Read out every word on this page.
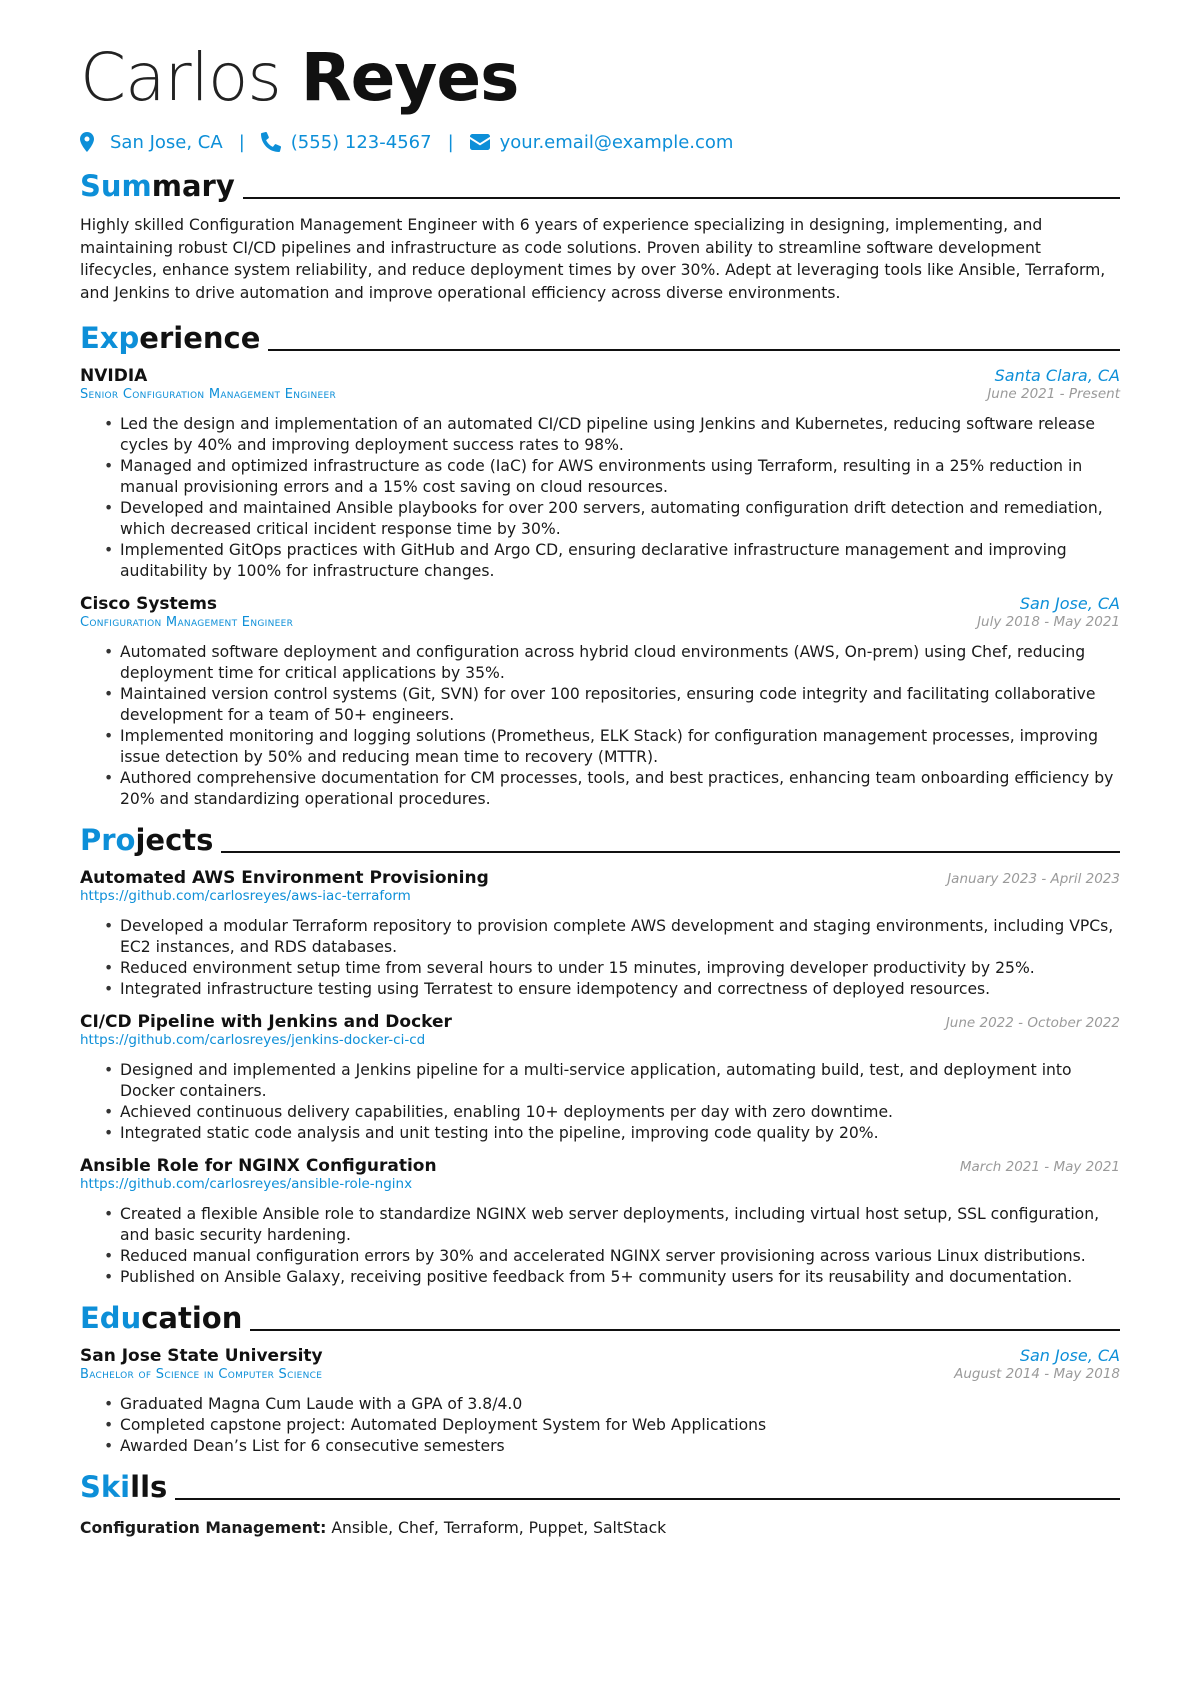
Carlos Reyes
San Jose, CA |	(555) 123-4567 |	your.email@example.com
Summary

Highly skilled Configuration Management Engineer with 6 years of experience specializing in designing, implementing, and maintaining robust CI/CD pipelines and infrastructure as code solutions. Proven ability to streamline software development lifecycles, enhance system reliability, and reduce deployment times by over 30%. Adept at leveraging tools like Ansible, Terraform, and Jenkins to drive automation and improve operational efficiency across diverse environments.

Experience
NVIDIA	Santa Clara, CA
Senior Configuration Management Engineer	June 2021 - Present
• Led the design and implementation of an automated CI/CD pipeline using Jenkins and Kubernetes, reducing software release cycles by 40% and improving deployment success rates to 98%.
• Managed and optimized infrastructure as code (IaC) for AWS environments using Terraform, resulting in a 25% reduction in manual provisioning errors and a 15% cost saving on cloud resources.
• Developed and maintained Ansible playbooks for over 200 servers, automating configuration drift detection and remediation, which decreased critical incident response time by 30%.
• Implemented GitOps practices with GitHub and Argo CD, ensuring declarative infrastructure management and improving auditability by 100% for infrastructure changes.
Cisco Systems	San Jose, CA
Configuration Management Engineer	July 2018 - May 2021
• Automated software deployment and configuration across hybrid cloud environments (AWS, On-prem) using Chef, reducing deployment time for critical applications by 35%.
• Maintained version control systems (Git, SVN) for over 100 repositories, ensuring code integrity and facilitating collaborative development for a team of 50+ engineers.
• Implemented monitoring and logging solutions (Prometheus, ELK Stack) for configuration management processes, improving issue detection by 50% and reducing mean time to recovery (MTTR).
• Authored comprehensive documentation for CM processes, tools, and best practices, enhancing team onboarding efficiency by 20% and standardizing operational procedures.
Projects
Automated AWS Environment Provisioning	January 2023 - April 2023
https://github.com/carlosreyes/aws-iac-terraform
• Developed a modular Terraform repository to provision complete AWS development and staging environments, including VPCs, EC2 instances, and RDS databases.
• Reduced environment setup time from several hours to under 15 minutes, improving developer productivity by 25%.
• Integrated infrastructure testing using Terratest to ensure idempotency and correctness of deployed resources.
CI/CD Pipeline with Jenkins and Docker	June 2022 - October 2022
https://github.com/carlosreyes/jenkins-docker-ci-cd
• Designed and implemented a Jenkins pipeline for a multi-service application, automating build, test, and deployment into Docker containers.
• Achieved continuous delivery capabilities, enabling 10+ deployments per day with zero downtime.
• Integrated static code analysis and unit testing into the pipeline, improving code quality by 20%.
Ansible Role for NGINX Configuration	March 2021 - May 2021
https://github.com/carlosreyes/ansible-role-nginx
• Created a flexible Ansible role to standardize NGINX web server deployments, including virtual host setup, SSL configuration, and basic security hardening.
• Reduced manual configuration errors by 30% and accelerated NGINX server provisioning across various Linux distributions.
• Published on Ansible Galaxy, receiving positive feedback from 5+ community users for its reusability and documentation.
Education
San Jose State University	San Jose, CA
Bachelor of Science in Computer Science	August 2014 - May 2018
• Graduated Magna Cum Laude with a GPA of 3.8/4.0
• Completed capstone project: Automated Deployment System for Web Applications
• Awarded Dean’s List for 6 consecutive semesters
Skills

Configuration Management: Ansible, Chef, Terraform, Puppet, SaltStack
